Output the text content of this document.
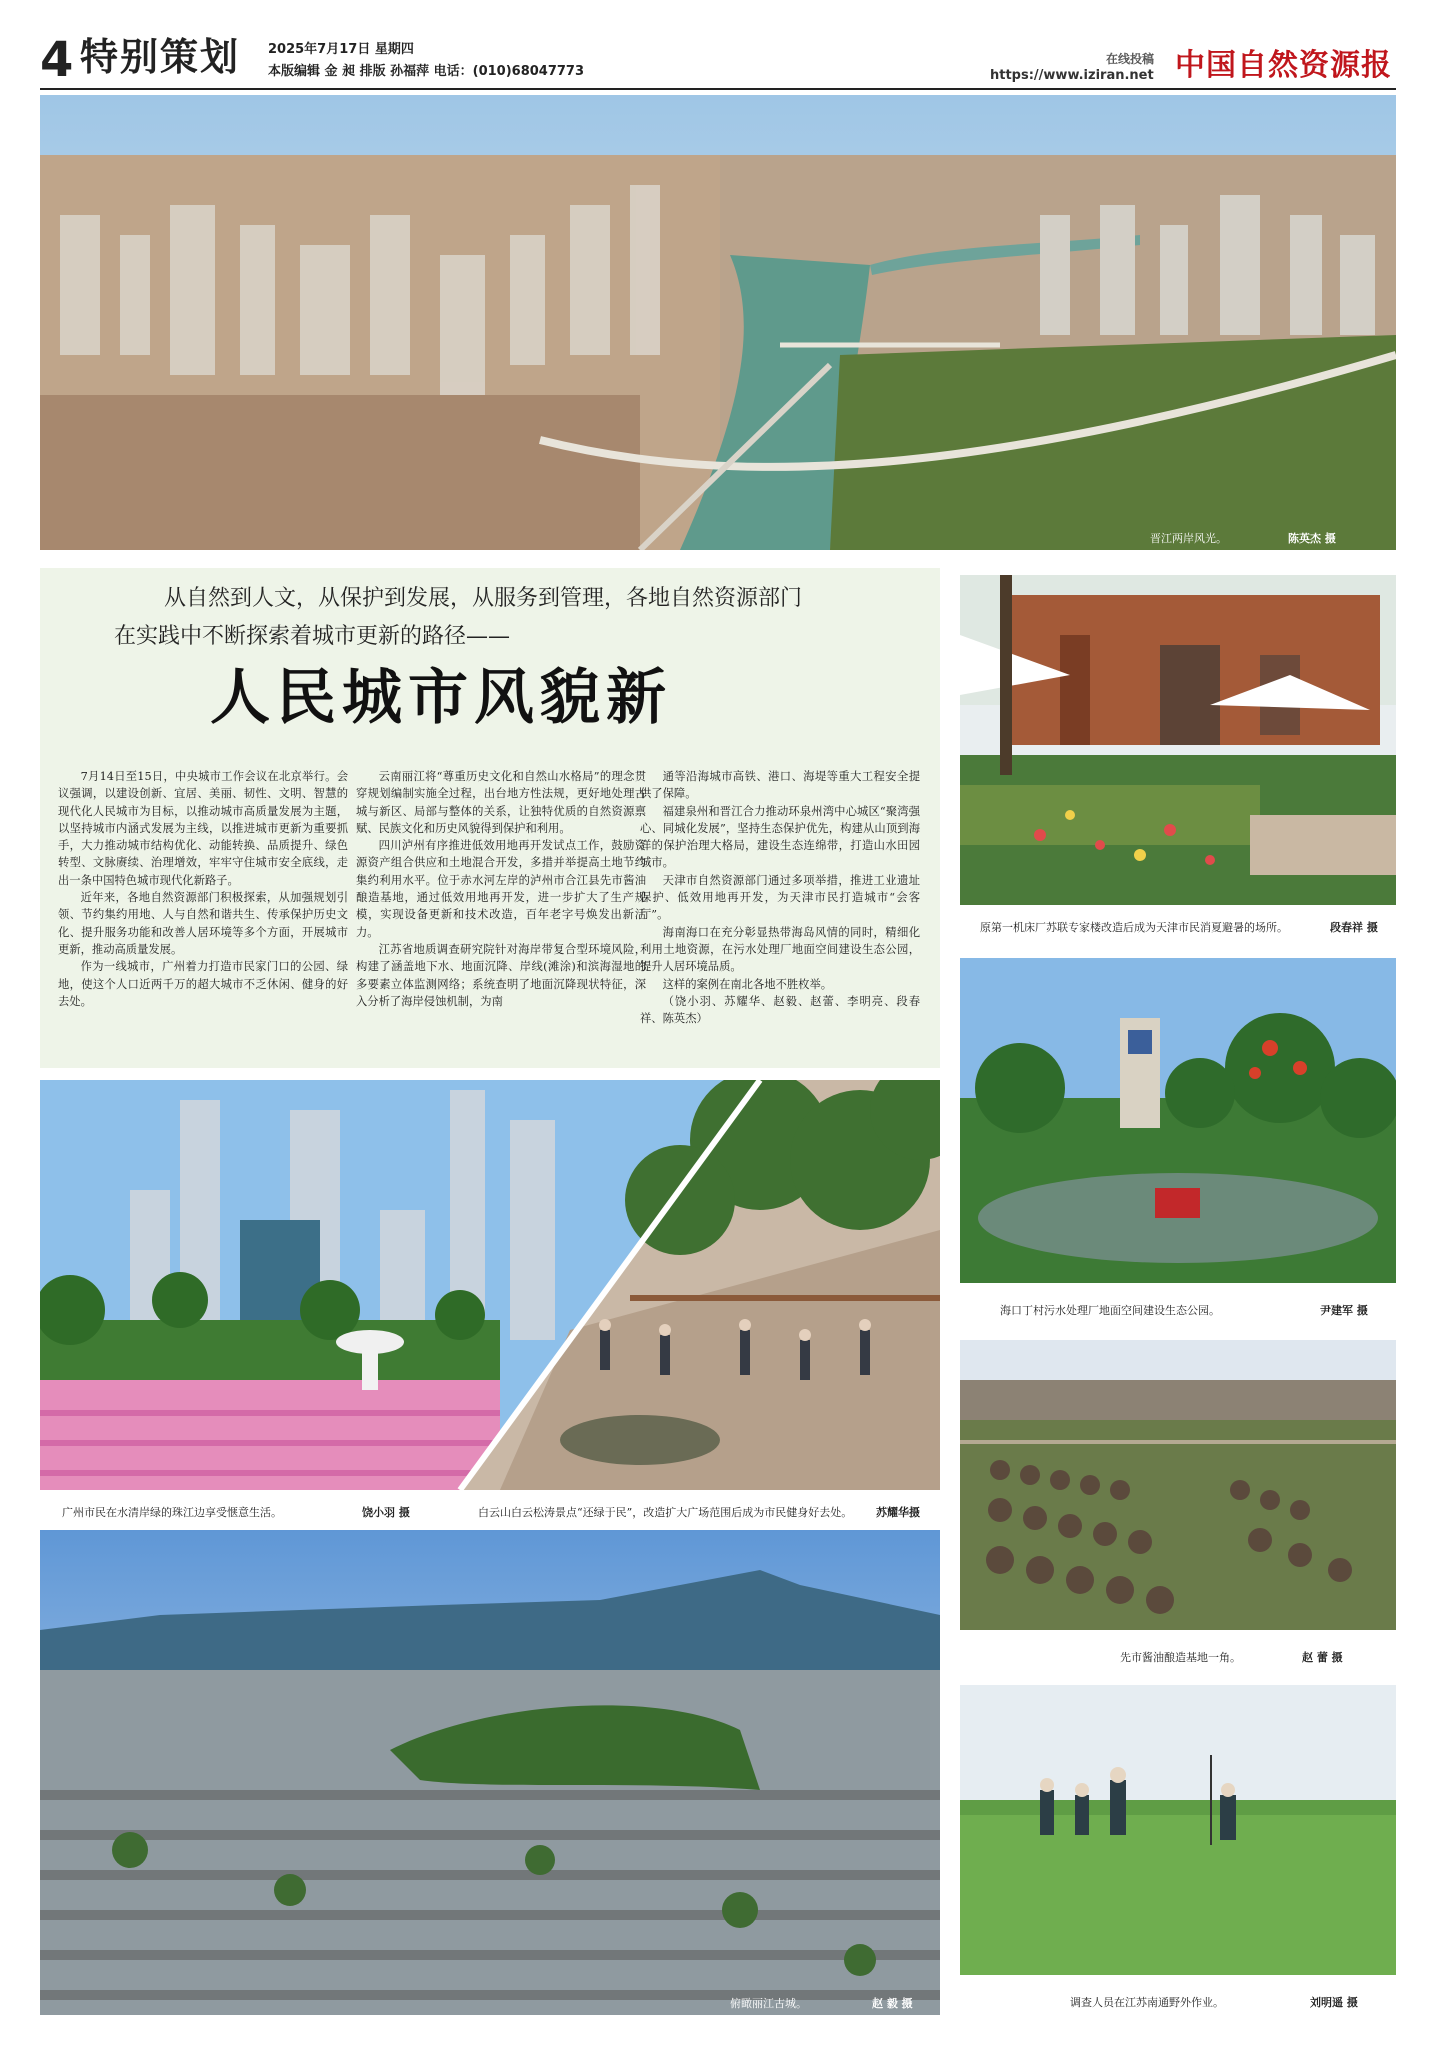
4 特别策划 2025年7月17日 星期四
本版编辑 金 昶 排版 孙福萍 电话：(010)68047773
在线投稿
https://www.iziran.net 中国自然资源报
晋江两岸风光。	陈英杰 摄
从自然到人文，从保护到发展，从服务到管理，各地自然资源部门
在实践中不断探索着城市更新的路径——
人民城市风貌新

7月14日至15日，中央城市工作会议在北京举行。会议强调，以建设创新、宜居、美丽、韧性、文明、智慧的现代化人民城市为目标，以推动城市高质量发展为主题，以坚持城市内涵式发展为主线，以推进城市更新为重要抓手，大力推动城市结构优化、动能转换、品质提升、绿色转型、文脉赓续、治理增效，牢牢守住城市安全底线，走出一条中国特色城市现代化新路子。

近年来，各地自然资源部门积极探索，从加强规划引领、节约集约用地、人与自然和谐共生、传承保护历史文化、提升服务功能和改善人居环境等多个方面，开展城市更新，推动高质量发展。

作为一线城市，广州着力打造市民家门口的公园、绿地，使这个人口近两千万的超大城市不乏休闲、健身的好去处。

云南丽江将“尊重历史文化和自然山水格局”的理念贯穿规划编制实施全过程，出台地方性法规，更好地处理古城与新区、局部与整体的关系，让独特优质的自然资源禀赋、民族文化和历史风貌得到保护和利用。

四川泸州有序推进低效用地再开发试点工作，鼓励资源资产组合供应和土地混合开发，多措并举提高土地节约集约利用水平。位于赤水河左岸的泸州市合江县先市酱油酿造基地，通过低效用地再开发，进一步扩大了生产规模，实现设备更新和技术改造，百年老字号焕发出新活力。

江苏省地质调查研究院针对海岸带复合型环境风险，构建了涵盖地下水、地面沉降、岸线(滩涂)和滨海湿地的多要素立体监测网络；系统查明了地面沉降现状特征，深入分析了海岸侵蚀机制，为南

通等沿海城市高铁、港口、海堤等重大工程安全提供了保障。

福建泉州和晋江合力推动环泉州湾中心城区“聚湾强心、同城化发展”，坚持生态保护优先，构建从山顶到海洋的保护治理大格局，建设生态连绵带，打造山水田园城市。

天津市自然资源部门通过多项举措，推进工业遗址保护、低效用地再开发，为天津市民打造城市“会客厅”。

海南海口在充分彰显热带海岛风情的同时，精细化利用土地资源，在污水处理厂地面空间建设生态公园，提升人居环境品质。

这样的案例在南北各地不胜枚举。

（饶小羽、苏耀华、赵毅、赵蕾、李明亮、段春祥、陈英杰）

原第一机床厂苏联专家楼改造后成为天津市民消夏避暑的场所。	段春祥 摄
海口丁村污水处理厂地面空间建设生态公园。	尹建军 摄
先市酱油酿造基地一角。	赵 蕾 摄
调查人员在江苏南通野外作业。	刘明遥 摄
广州市民在水清岸绿的珠江边享受惬意生活。	饶小羽 摄	白云山白云松涛景点“还绿于民”，改造扩大广场范围后成为市民健身好去处。 苏耀华摄
俯瞰丽江古城。	赵 毅 摄
